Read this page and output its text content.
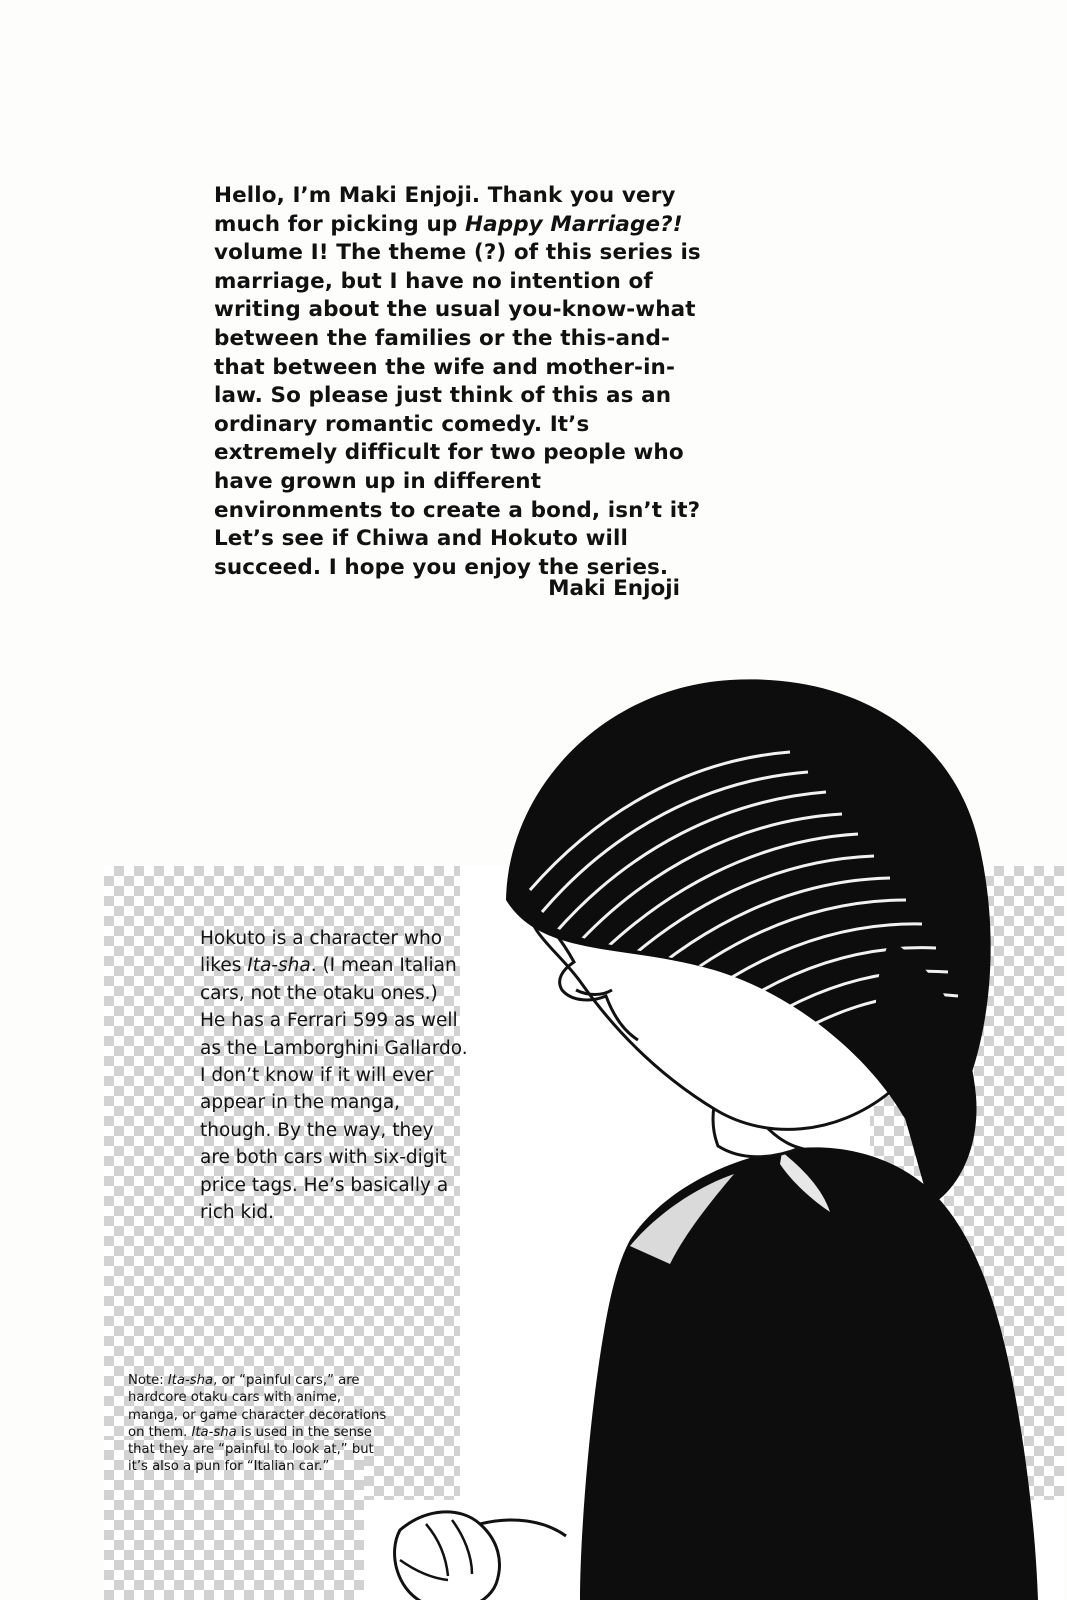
Hello, I’m Maki Enjoji. Thank you very much for picking up Happy Marriage?! volume I! The theme (?) of this series is marriage, but I have no intention of writing about the usual you-know-what between the families or the this-and-that between the wife and mother-in-law. So please just think of this as an ordinary romantic comedy. It’s extremely difficult for two people who have grown up in different environments to create a bond, isn’t it? Let’s see if Chiwa and Hokuto will succeed. I hope you enjoy the series.
Maki Enjoji
Hokuto is a character who likes Ita-sha. (I mean Italian cars, not the otaku ones.) He has a Ferrari 599 as well as the Lamborghini Gallardo. I don’t know if it will ever appear in the manga, though. By the way, they are both cars with six-digit price tags. He’s basically a rich kid.
Note: Ita-sha, or “painful cars,” are hardcore otaku cars with anime, manga, or game character decorations on them. Ita-sha is used in the sense that they are “painful to look at,” but it’s also a pun for “Italian car.”
